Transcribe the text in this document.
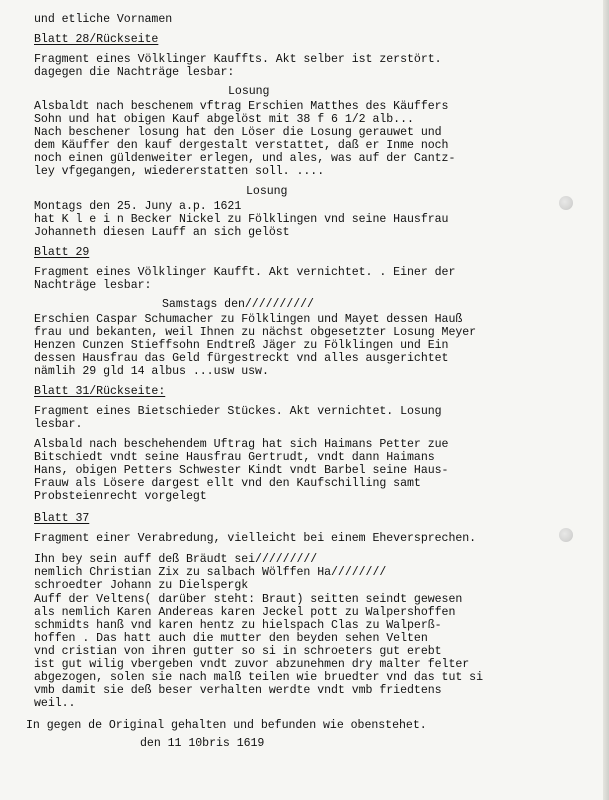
und etliche Vornamen
Blatt 28/Rückseite
Fragment eines Völklinger Kauffts. Akt selber ist zerstört.
dagegen die Nachträge lesbar:
Losung
Alsbaldt nach beschenem vftrag Erschien Matthes des Käuffers
Sohn und hat obigen Kauf abgelöst mit 38 f 6 1/2 alb...
Nach beschener losung hat den Löser die Losung gerauwet und
dem Käuffer den kauf dergestalt verstattet, daß er Inme noch
noch einen güldenweiter erlegen, und ales, was auf der Cantz-
ley vfgegangen, wiedererstatten soll. ....
Losung
Montags den 25. Juny a.p. 1621
hat K l e i n Becker Nickel zu Fölklingen vnd seine Hausfrau
Johanneth diesen Lauff an sich gelöst
Blatt 29
Fragment eines Völklinger Kaufft. Akt vernichtet. . Einer der
Nachträge lesbar:
Samstags den//////////
Erschien Caspar Schumacher zu Fölklingen und Mayet dessen Hauß
frau und bekanten, weil Ihnen zu nächst obgesetzter Losung Meyer
Henzen Cunzen Stieffsohn Endtreß Jäger zu Fölklingen und Ein
dessen Hausfrau das Geld fürgestreckt vnd alles ausgerichtet
nämlih 29 gld 14 albus ...usw usw.
Blatt 31/Rückseite:
Fragment eines Bietschieder Stückes. Akt vernichtet. Losung
lesbar.
Alsbald nach beschehendem Uftrag hat sich Haimans Petter zue
Bitschiedt vndt seine Hausfrau Gertrudt, vndt dann Haimans
Hans, obigen Petters Schwester Kindt vndt Barbel seine Haus-
Frauw als Lösere dargest ellt vnd den Kaufschilling samt
Probsteienrecht vorgelegt
Blatt 37
Fragment einer Verabredung, vielleicht bei einem Eheversprechen.
Ihn bey sein auff deß Bräudt sei/////////
nemlich Christian Zix zu salbach Wölffen Ha////////
schroedter Johann zu Dielspergk
Auff der Veltens( darüber steht: Braut) seitten seindt gewesen
als nemlich Karen Andereas karen Jeckel pott zu Walpershoffen
schmidts hanß vnd karen hentz zu hielspach Clas zu Walperß-
hoffen . Das hatt auch die mutter den beyden sehen Velten
vnd cristian von ihren gutter so si in schroeters gut erebt
ist gut wilig vbergeben vndt zuvor abzunehmen dry malter felter
abgezogen, solen sie nach malß teilen wie bruedter vnd das tut si
vmb damit sie deß beser verhalten werdte vndt vmb friedtens
weil..
In gegen de Original gehalten und befunden wie obenstehet.
den 11 10bris 1619
